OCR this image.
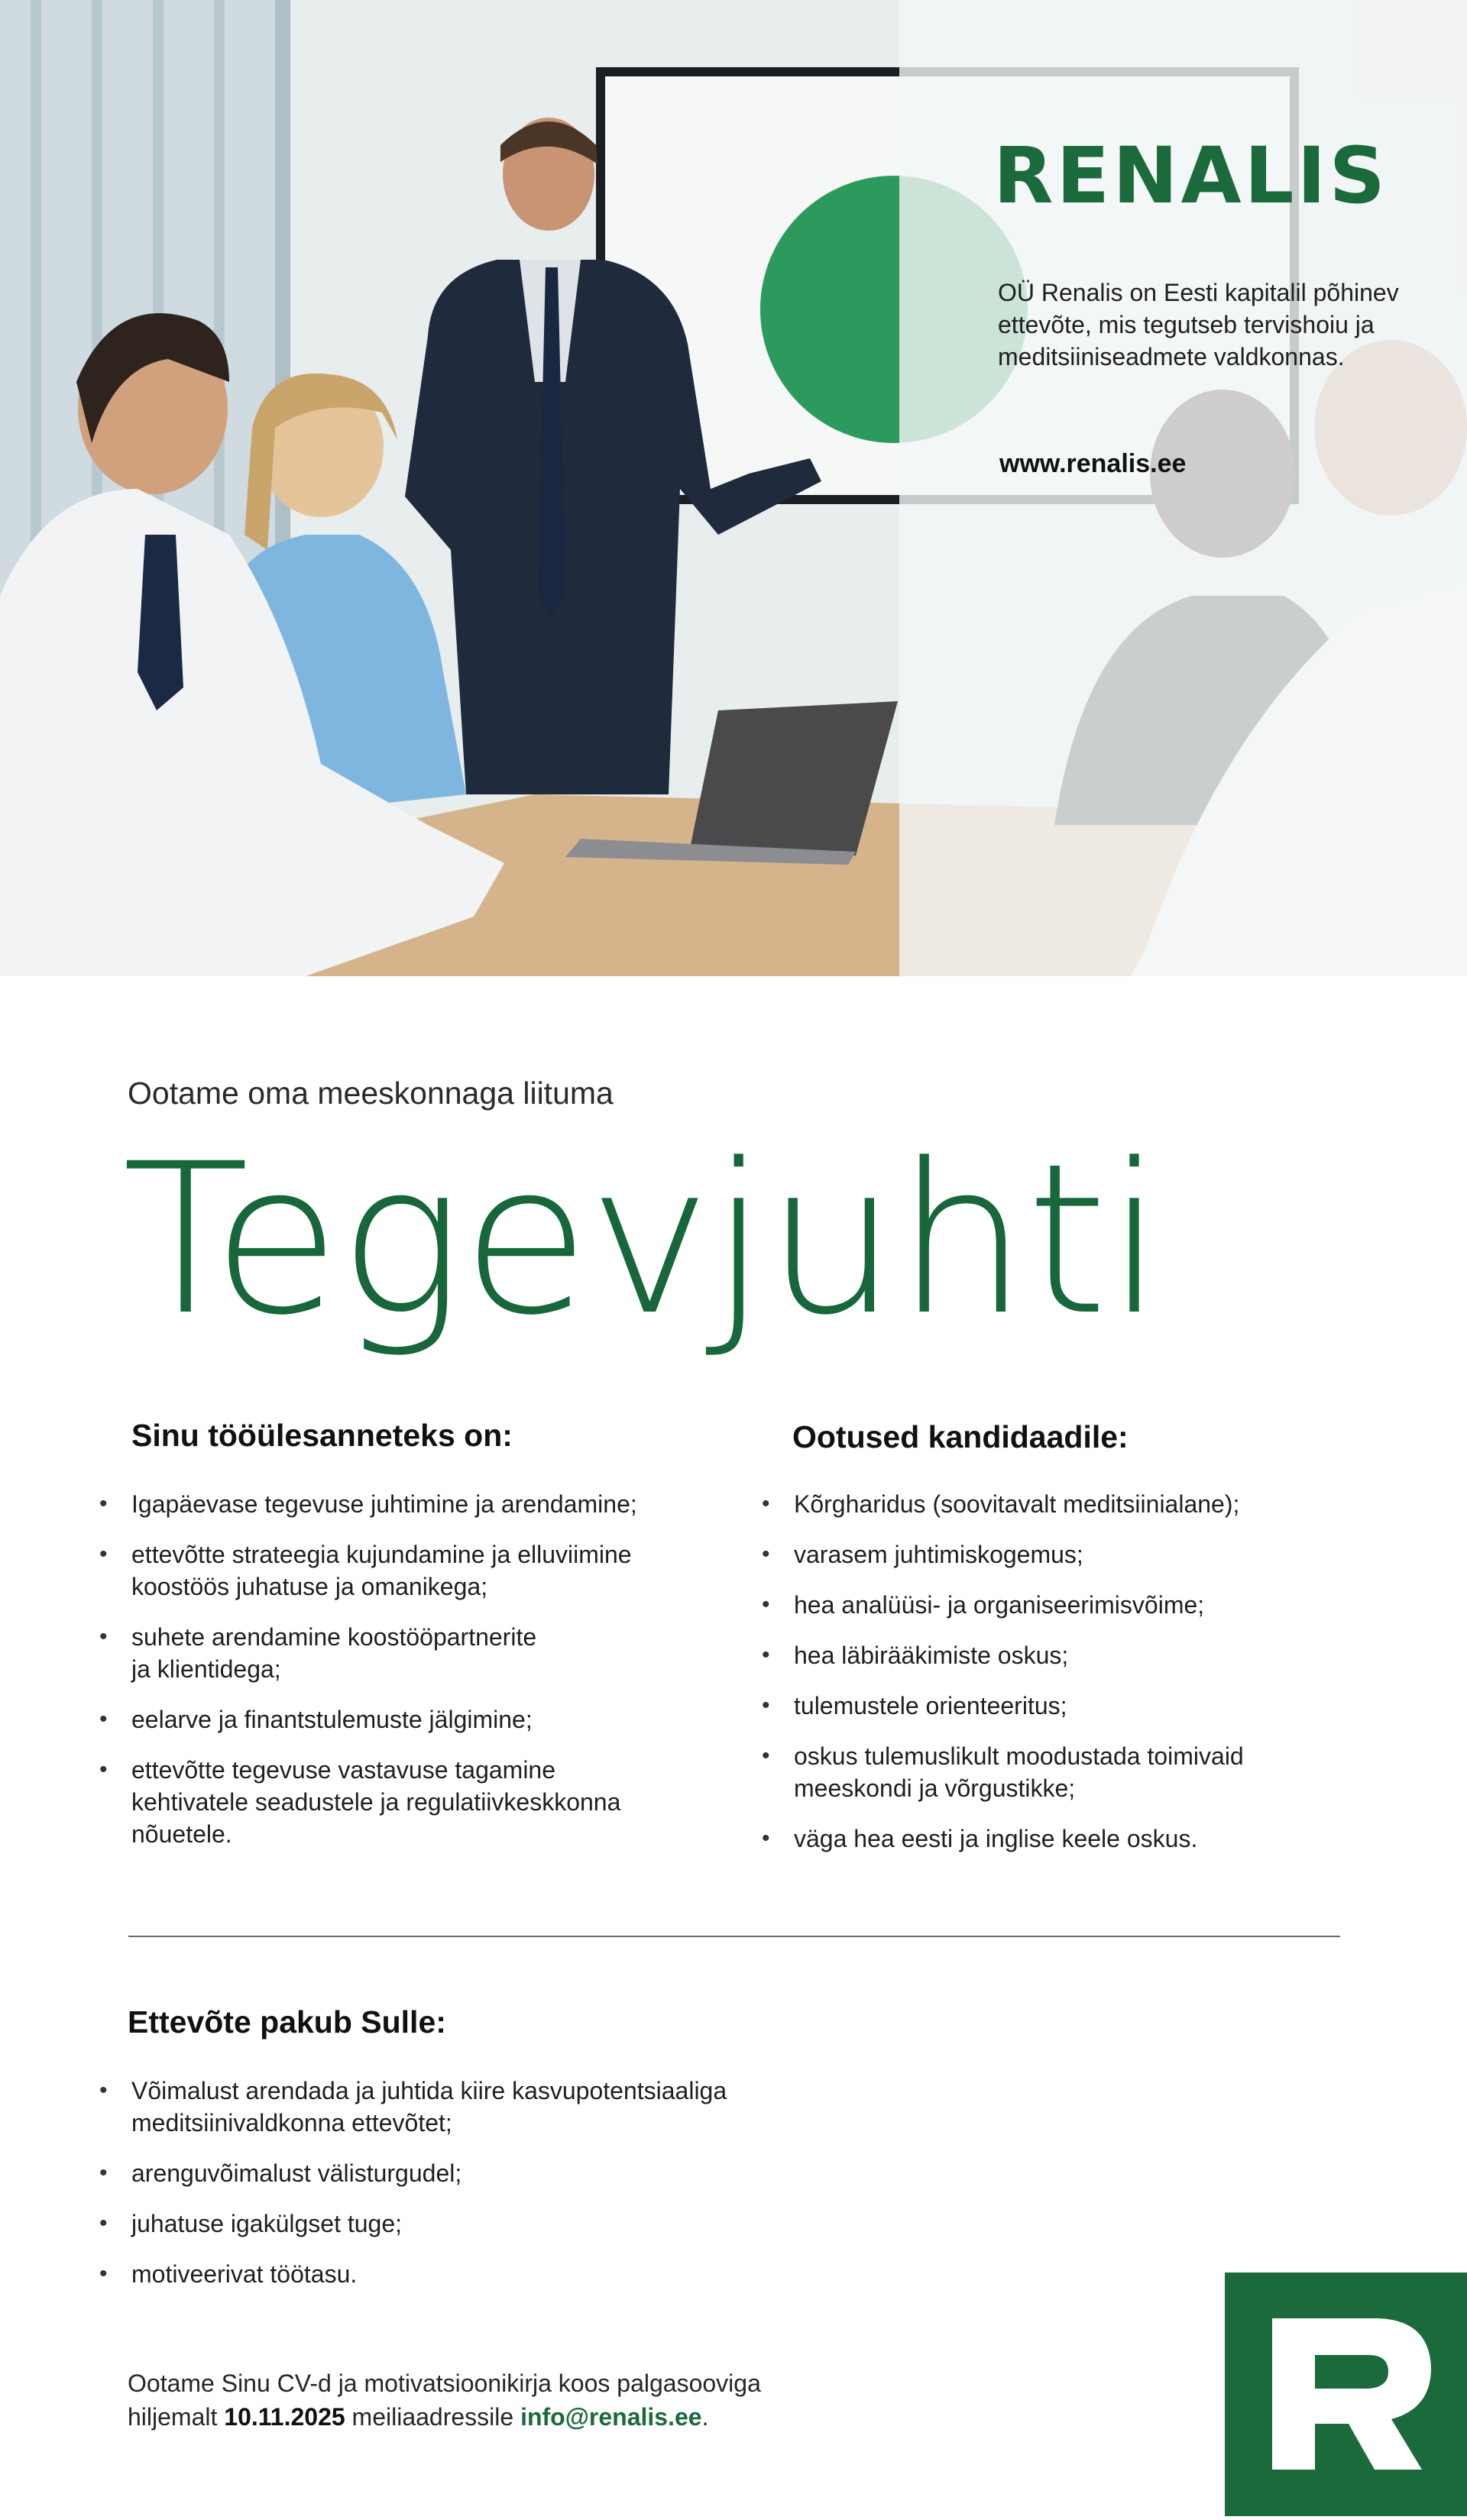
RENALIS
OÜ Renalis on Eesti kapitalil põhinev ettevõte, mis tegutseb tervishoiu ja meditsiiniseadmete valdkonnas.
www.renalis.ee
Ootame oma meeskonnaga liituma
Tegevjuhti
Sinu tööülesanneteks on:
• Igapäevase tegevuse juhtimine ja arendamine;
• ettevõtte strateegia kujundamine ja elluviimine
koostöös juhatuse ja omanikega;
• suhete arendamine koostööpartnerite
ja klientidega;
• eelarve ja finantstulemuste jälgimine;
• ettevõtte tegevuse vastavuse tagamine
kehtivatele seadustele ja regulatiivkeskkonna
nõuetele.
Ootused kandidaadile:
• Kõrgharidus (soovitavalt meditsiinialane);
• varasem juhtimiskogemus;
• hea analüüsi- ja organiseerimisvõime;
• hea läbirääkimiste oskus;
• tulemustele orienteeritus;
• oskus tulemuslikult moodustada toimivaid
meeskondi ja võrgustikke;
• väga hea eesti ja inglise keele oskus.
Ettevõte pakub Sulle:
• Võimalust arendada ja juhtida kiire kasvupotentsiaaliga
meditsiinivaldkonna ettevõtet;
• arenguvõimalust välisturgudel;
• juhatuse igakülgset tuge;
• motiveerivat töötasu.
Ootame Sinu CV-d ja motivatsioonikirja koos palgasooviga
hiljemalt 10.11.2025 meiliaadressile info@renalis.ee.
